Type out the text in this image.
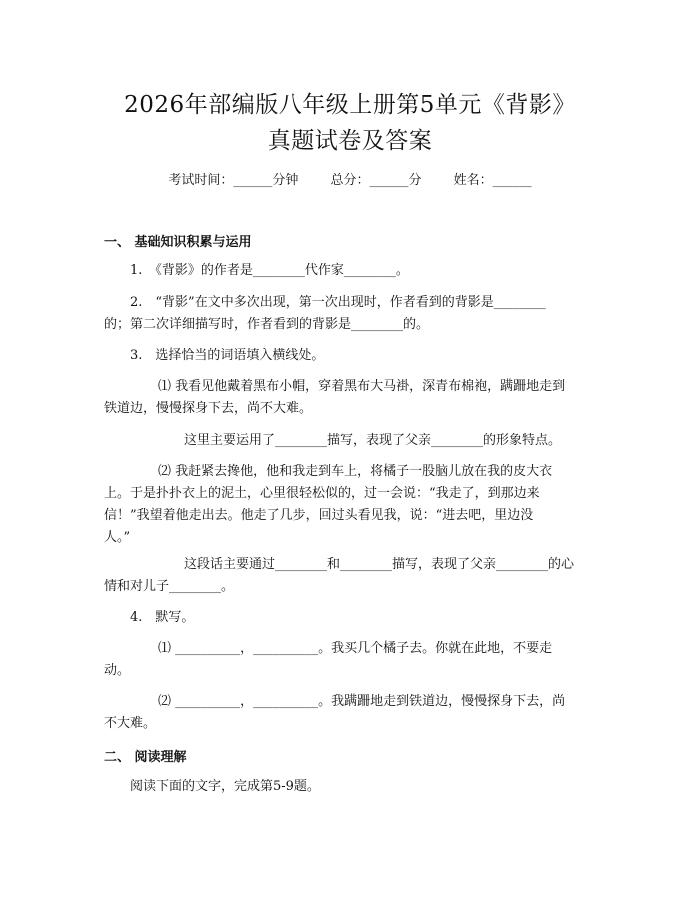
2026年部编版八年级上册第5单元《背影》
真题试卷及答案
考试时间：______分钟 总分：______分 姓名：______
一、 基础知识积累与运用
1.　《背影》的作者是________代作家________。
2.　“背影”在文中多次出现，第一次出现时，作者看到的背影是________
的；第二次详细描写时，作者看到的背影是________的。
3.　选择恰当的词语填入横线处。
⑴ 我看见他戴着黑布小帽，穿着黑布大马褂，深青布棉袍，蹒跚地走到
铁道边，慢慢探身下去，尚不大难。
这里主要运用了________描写，表现了父亲________的形象特点。
⑵ 我赶紧去搀他，他和我走到车上，将橘子一股脑儿放在我的皮大衣
上。于是扑扑衣上的泥土，心里很轻松似的，过一会说：“我走了，到那边来
信！”我望着他走出去。他走了几步，回过头看见我，说：“进去吧，里边没
人。”
这段话主要通过________和________描写，表现了父亲________的心
情和对儿子________。
4.　默写。
⑴ __________，__________。我买几个橘子去。你就在此地，不要走
动。
⑵ __________，__________。我蹒跚地走到铁道边，慢慢探身下去，尚
不大难。
二、 阅读理解
阅读下面的文字，完成第5-9题。
